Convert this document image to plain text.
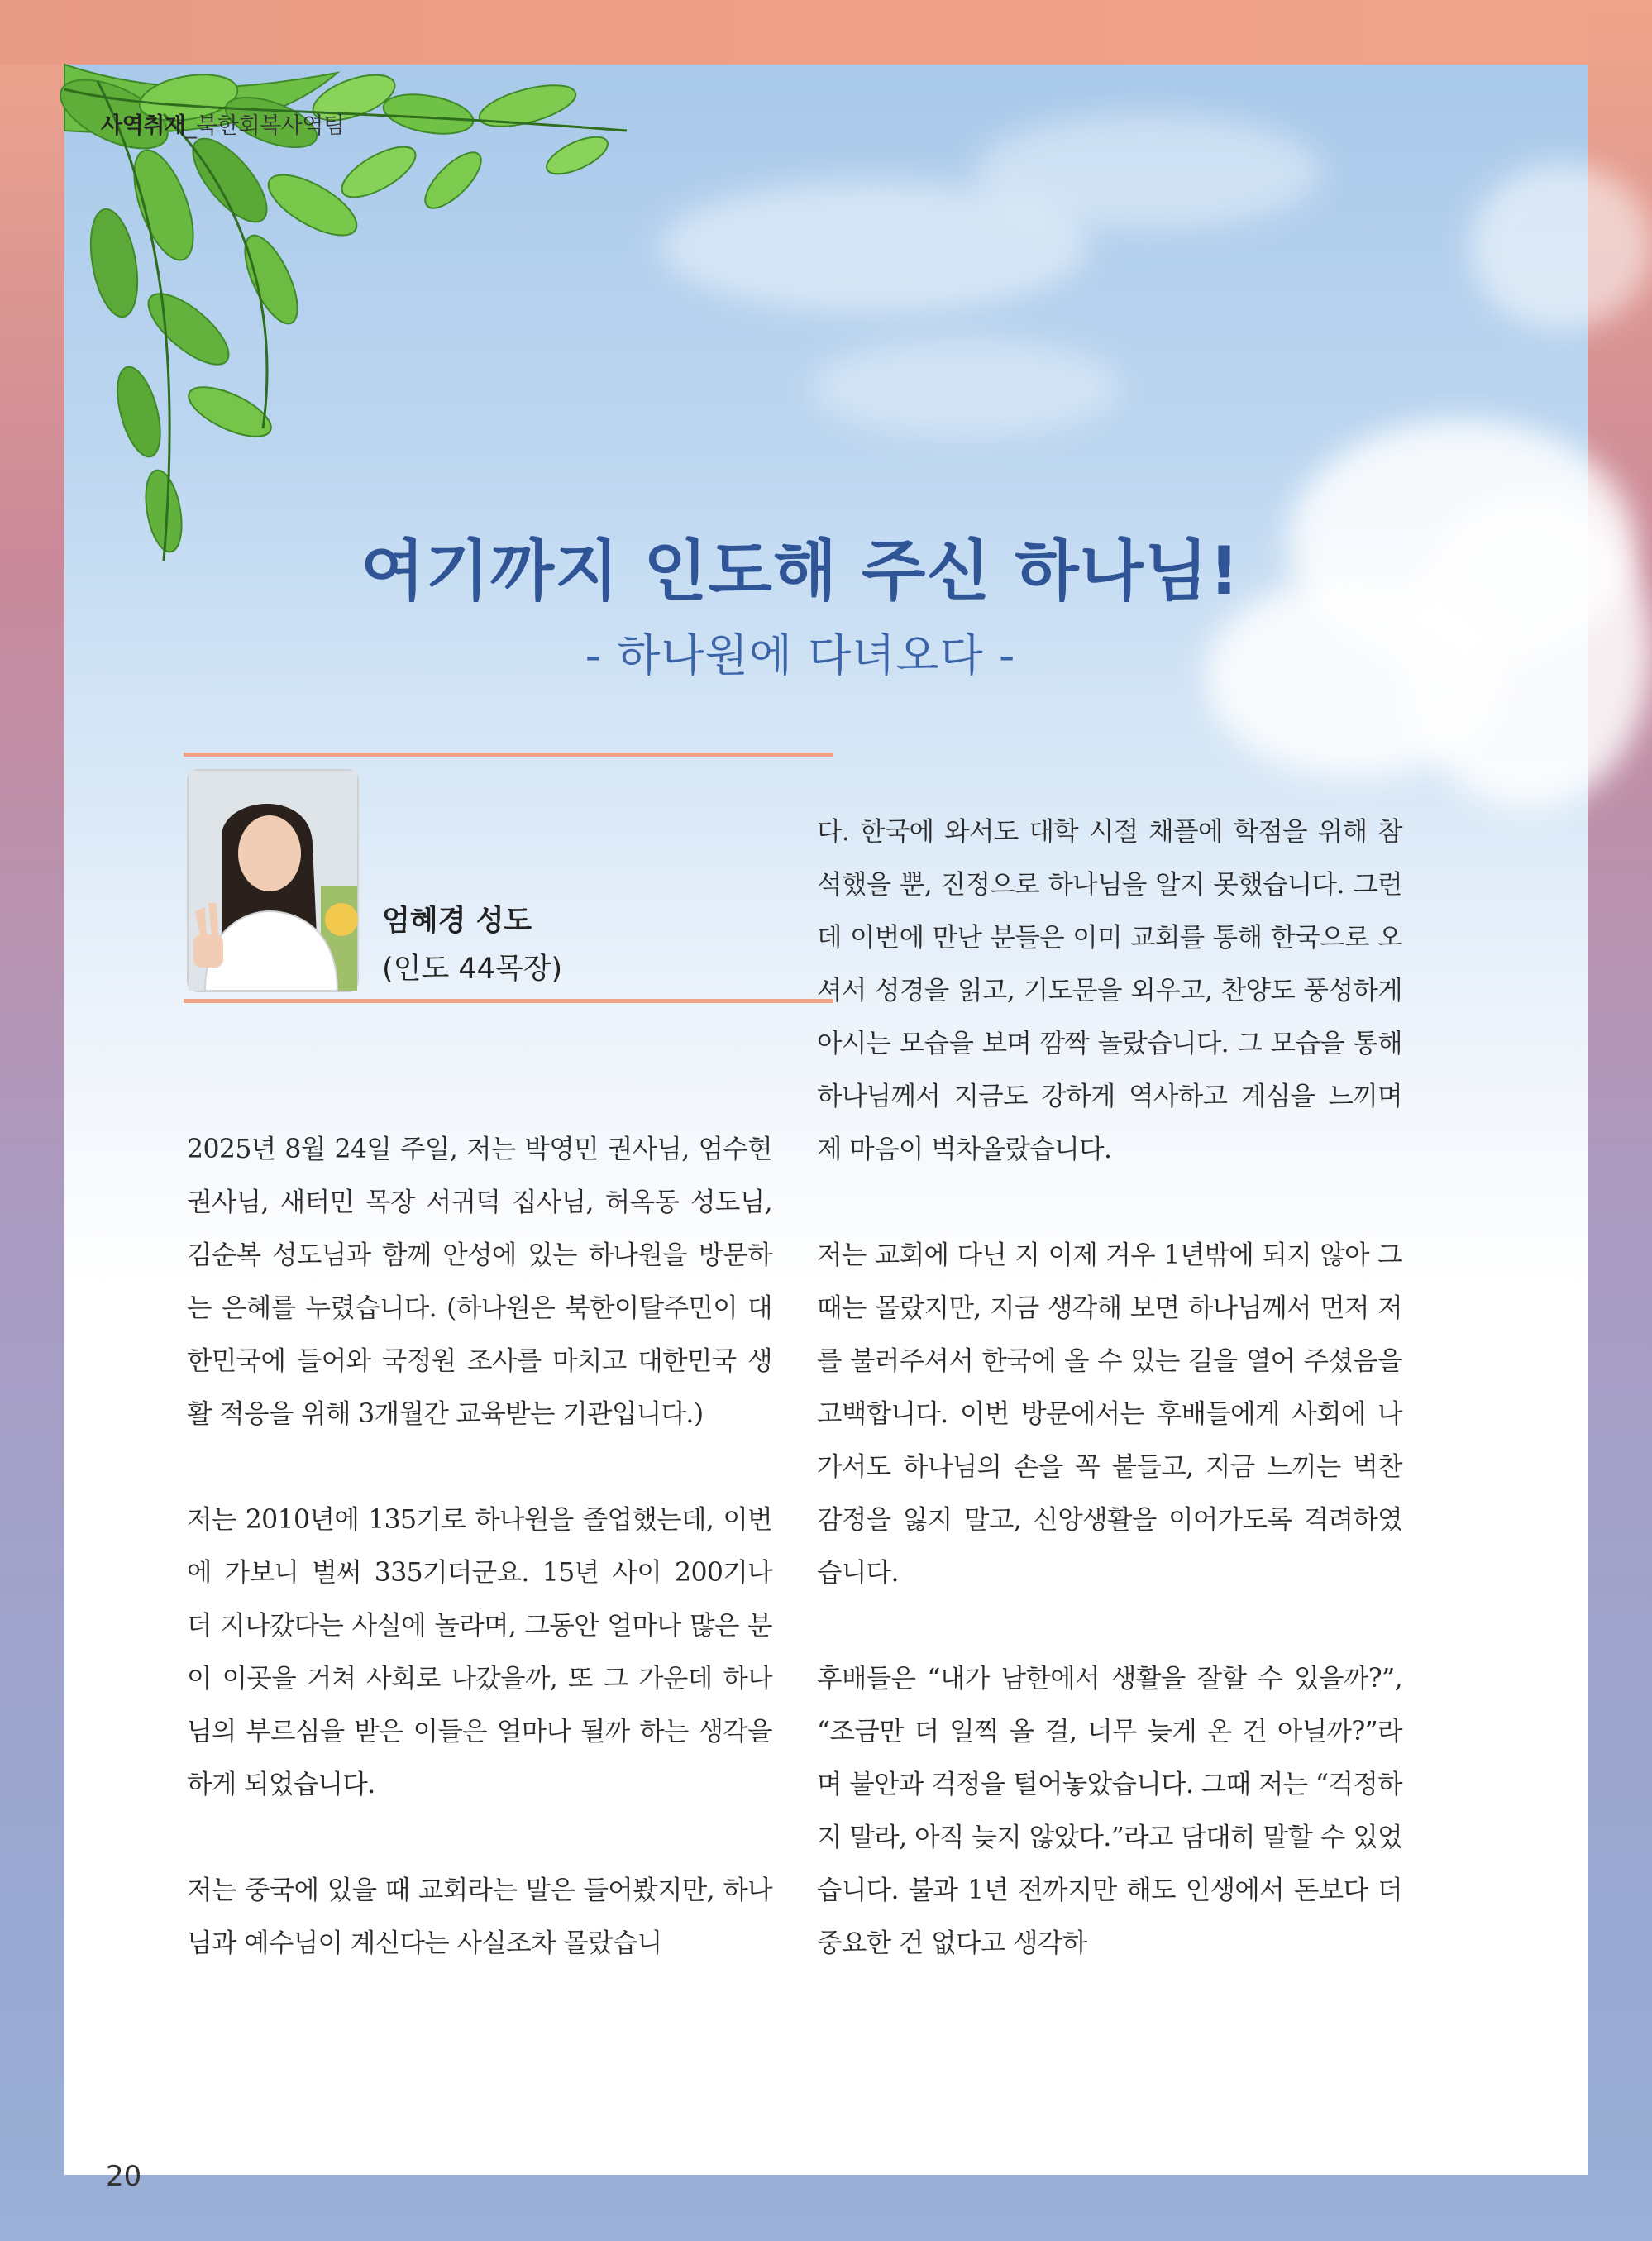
사역취재_북한회복사역팀
여기까지 인도해 주신 하나님!
- 하나원에 다녀오다 -
엄혜경 성도
(인도 44목장)

2025년 8월 24일 주일, 저는 박영민 권사님, 엄수현 권사님, 새터민 목장 서귀덕 집사님, 허옥동 성도님, 김순복 성도님과 함께 안성에 있는 하나원을 방문하는 은혜를 누렸습니다. (하나원은 북한이탈주민이 대한민국에 들어와 국정원 조사를 마치고 대한민국 생활 적응을 위해 3개월간 교육받는 기관입니다.)

저는 2010년에 135기로 하나원을 졸업했는데, 이번에 가보니 벌써 335기더군요. 15년 사이 200기나 더 지나갔다는 사실에 놀라며, 그동안 얼마나 많은 분이 이곳을 거쳐 사회로 나갔을까, 또 그 가운데 하나님의 부르심을 받은 이들은 얼마나 될까 하는 생각을 하게 되었습니다.

저는 중국에 있을 때 교회라는 말은 들어봤지만, 하나님과 예수님이 계신다는 사실조차 몰랐습니

다. 한국에 와서도 대학 시절 채플에 학점을 위해 참석했을 뿐, 진정으로 하나님을 알지 못했습니다. 그런데 이번에 만난 분들은 이미 교회를 통해 한국으로 오셔서 성경을 읽고, 기도문을 외우고, 찬양도 풍성하게 아시는 모습을 보며 깜짝 놀랐습니다. 그 모습을 통해 하나님께서 지금도 강하게 역사하고 계심을 느끼며 제 마음이 벅차올랐습니다.

저는 교회에 다닌 지 이제 겨우 1년밖에 되지 않아 그때는 몰랐지만, 지금 생각해 보면 하나님께서 먼저 저를 불러주셔서 한국에 올 수 있는 길을 열어 주셨음을 고백합니다. 이번 방문에서는 후배들에게 사회에 나가서도 하나님의 손을 꼭 붙들고, 지금 느끼는 벅찬 감정을 잃지 말고, 신앙생활을 이어가도록 격려하였습니다.

후배들은 “내가 남한에서 생활을 잘할 수 있을까?”, “조금만 더 일찍 올 걸, 너무 늦게 온 건 아닐까?”라며 불안과 걱정을 털어놓았습니다. 그때 저는 “걱정하지 말라, 아직 늦지 않았다.”라고 담대히 말할 수 있었습니다. 불과 1년 전까지만 해도 인생에서 돈보다 더 중요한 건 없다고 생각하

20
